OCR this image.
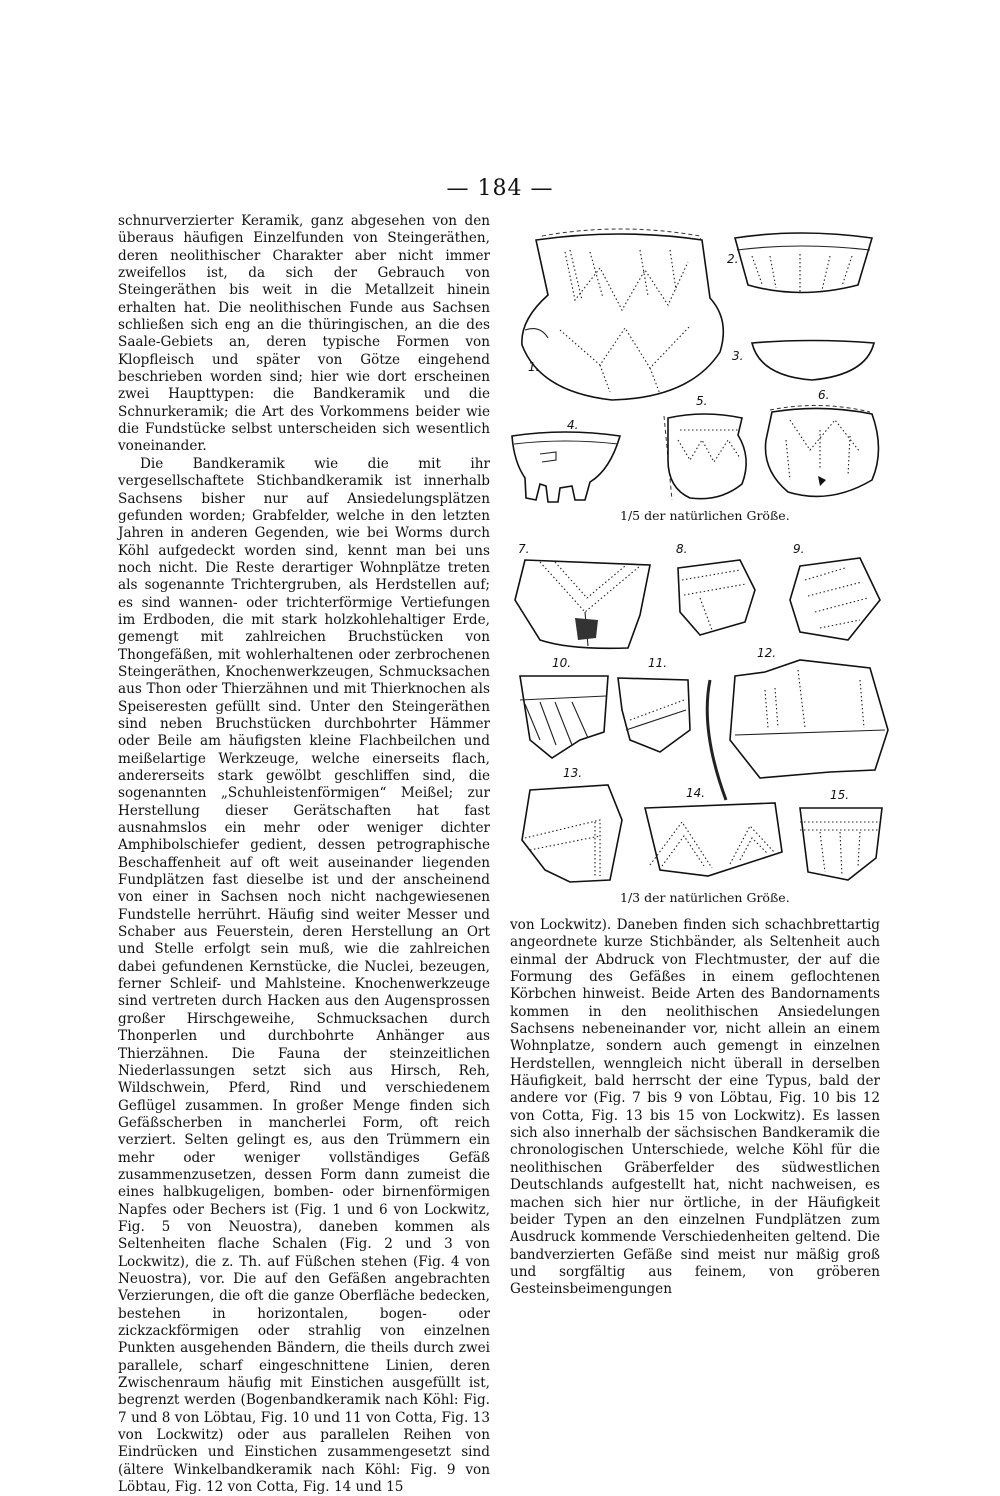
— 184 —

schnurverzierter Keramik, ganz abgesehen von den überaus häufigen Einzelfunden von Steingeräthen, deren neolithischer Charakter aber nicht immer zweifellos ist, da sich der Gebrauch von Steingeräthen bis weit in die Metallzeit hinein erhalten hat. Die neolithischen Funde aus Sachsen schließen sich eng an die thüringischen, an die des Saale-Gebiets an, deren typische Formen von Klopfleisch und später von Götze eingehend beschrieben worden sind; hier wie dort erscheinen zwei Haupttypen: die Bandkeramik und die Schnurkeramik; die Art des Vorkommens beider wie die Fundstücke selbst unterscheiden sich wesentlich voneinander.

Die Bandkeramik wie die mit ihr vergesellschaftete Stichbandkeramik ist innerhalb Sachsens bisher nur auf Ansiedelungsplätzen gefunden worden; Grabfelder, welche in den letzten Jahren in anderen Gegenden, wie bei Worms durch Köhl aufgedeckt worden sind, kennt man bei uns noch nicht. Die Reste derartiger Wohnplätze treten als sogenannte Trichtergruben, als Herdstellen auf; es sind wannen- oder trichterförmige Vertiefungen im Erdboden, die mit stark holzkohlehaltiger Erde, gemengt mit zahlreichen Bruchstücken von Thongefäßen, mit wohlerhaltenen oder zerbrochenen Steingeräthen, Knochenwerkzeugen, Schmucksachen aus Thon oder Thierzähnen und mit Thierknochen als Speiseresten gefüllt sind. Unter den Steingeräthen sind neben Bruchstücken durchbohrter Hämmer oder Beile am häufigsten kleine Flachbeilchen und meißelartige Werkzeuge, welche einerseits flach, andererseits stark gewölbt geschliffen sind, die sogenannten „Schuhleistenförmigen“ Meißel; zur Herstellung dieser Gerätschaften hat fast ausnahmslos ein mehr oder weniger dichter Amphibolschiefer gedient, dessen petrographische Beschaffenheit auf oft weit auseinander liegenden Fundplätzen fast dieselbe ist und der anscheinend von einer in Sachsen noch nicht nachgewiesenen Fundstelle herrührt. Häufig sind weiter Messer und Schaber aus Feuerstein, deren Herstellung an Ort und Stelle erfolgt sein muß, wie die zahlreichen dabei gefundenen Kernstücke, die Nuclei, bezeugen, ferner Schleif- und Mahlsteine. Knochenwerkzeuge sind vertreten durch Hacken aus den Augensprossen großer Hirschgeweihe, Schmucksachen durch Thonperlen und durchbohrte Anhänger aus Thierzähnen. Die Fauna der steinzeitlichen Niederlassungen setzt sich aus Hirsch, Reh, Wildschwein, Pferd, Rind und verschiedenem Geflügel zusammen. In großer Menge finden sich Gefäßscherben in mancherlei Form, oft reich verziert. Selten gelingt es, aus den Trümmern ein mehr oder weniger vollständiges Gefäß zusammenzusetzen, dessen Form dann zumeist die eines halbkugeligen, bomben- oder birnenförmigen Napfes oder Bechers ist (Fig. 1 und 6 von Lockwitz, Fig. 5 von Neuostra), daneben kommen als Seltenheiten flache Schalen (Fig. 2 und 3 von Lockwitz), die z. Th. auf Füßchen stehen (Fig. 4 von Neuostra), vor. Die auf den Gefäßen angebrachten Verzierungen, die oft die ganze Oberfläche bedecken, bestehen in horizontalen, bogen- oder zickzackförmigen oder strahlig von einzelnen Punkten ausgehenden Bändern, die theils durch zwei parallele, scharf eingeschnittene Linien, deren Zwischenraum häufig mit Einstichen ausgefüllt ist, begrenzt werden (Bogenbandkeramik nach Köhl: Fig. 7 und 8 von Löbtau, Fig. 10 und 11 von Cotta, Fig. 13 von Lockwitz) oder aus parallelen Reihen von Eindrücken und Einstichen zusammengesetzt sind (ältere Winkelbandkeramik nach Köhl: Fig. 9 von Löbtau, Fig. 12 von Cotta, Fig. 14 und 15

von Lockwitz). Daneben finden sich schachbrettartig angeordnete kurze Stichbänder, als Seltenheit auch einmal der Abdruck von Flechtmuster, der auf die Formung des Gefäßes in einem geflochtenen Körbchen hinweist. Beide Arten des Bandornaments kommen in den neolithischen Ansiedelungen Sachsens nebeneinander vor, nicht allein an einem Wohnplatze, sondern auch gemengt in einzelnen Herdstellen, wenngleich nicht überall in derselben Häufigkeit, bald herrscht der eine Typus, bald der andere vor (Fig. 7 bis 9 von Löbtau, Fig. 10 bis 12 von Cotta, Fig. 13 bis 15 von Lockwitz). Es lassen sich also innerhalb der sächsischen Bandkeramik die chronologischen Unterschiede, welche Köhl für die neolithischen Gräberfelder des südwestlichen Deutschlands aufgestellt hat, nicht nachweisen, es machen sich hier nur örtliche, in der Häufigkeit beider Typen an den einzelnen Fundplätzen zum Ausdruck kommende Verschiedenheiten geltend. Die bandverzierten Gefäße sind meist nur mäßig groß und sorgfältig aus feinem, von gröberen Gesteinsbeimengungen

1.
2.
3.
4.
5.	6.
7.	8.	9.
10.	11.
12.
13.
14.	15.
1/5 der natürlichen Größe.
1/3 der natürlichen Größe.
